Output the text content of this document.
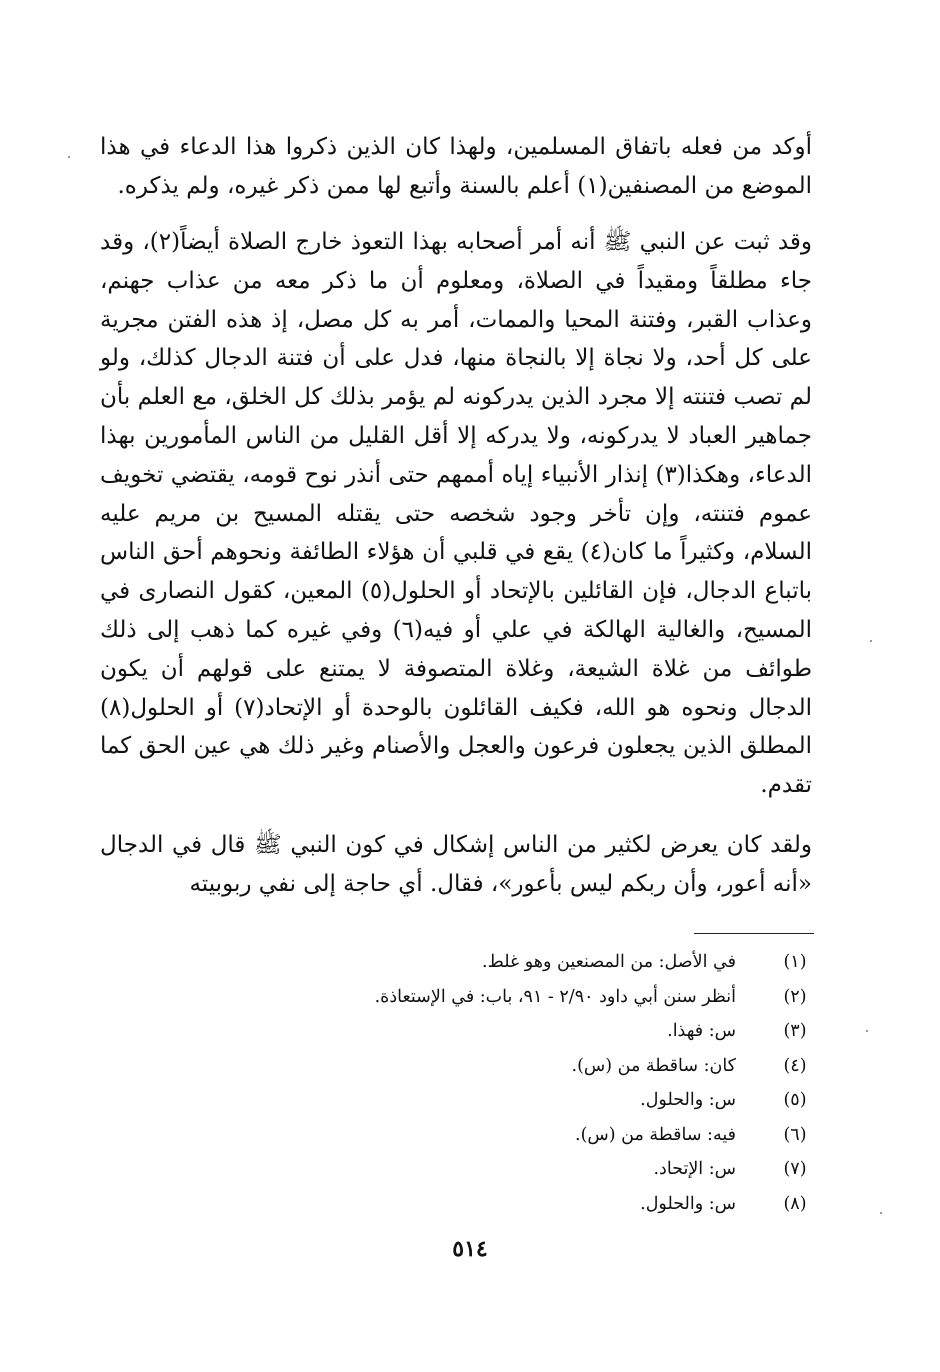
أوكد من فعله باتفاق المسلمين، ولهذا كان الذين ذكروا هذا الدعاء في هذا الموضع من المصنفين(١) أعلم بالسنة وأتبع لها ممن ذكر غيره، ولم يذكره.

وقد ثبت عن النبي ﷺ أنه أمر أصحابه بهذا التعوذ خارج الصلاة أيضاً(٢)، وقد جاء مطلقاً ومقيداً في الصلاة، ومعلوم أن ما ذكر معه من عذاب جهنم، وعذاب القبر، وفتنة المحيا والممات، أمر به كل مصل، إذ هذه الفتن مجرية على كل أحد، ولا نجاة إلا بالنجاة منها، فدل على أن فتنة الدجال كذلك، ولو لم تصب فتنته إلا مجرد الذين يدركونه لم يؤمر بذلك كل الخلق، مع العلم بأن جماهير العباد لا يدركونه، ولا يدركه إلا أقل القليل من الناس المأمورين بهذا الدعاء، وهكذا(٣) إنذار الأنبياء إياه أممهم حتى أنذر نوح قومه، يقتضي تخويف عموم فتنته، وإن تأخر وجود شخصه حتى يقتله المسيح بن مريم عليه السلام، وكثيراً ما كان(٤) يقع في قلبي أن هؤلاء الطائفة ونحوهم أحق الناس باتباع الدجال، فإن القائلين بالإتحاد أو الحلول(٥) المعين، كقول النصارى في المسيح، والغالية الهالكة في علي أو فيه(٦) وفي غيره كما ذهب إلى ذلك طوائف من غلاة الشيعة، وغلاة المتصوفة لا يمتنع على قولهم أن يكون الدجال ونحوه هو الله، فكيف القائلون بالوحدة أو الإتحاد(٧) أو الحلول(٨) المطلق الذين يجعلون فرعون والعجل والأصنام وغير ذلك هي عين الحق كما تقدم.

ولقد كان يعرض لكثير من الناس إشكال في كون النبي ﷺ قال في الدجال «أنه أعور، وأن ربكم ليس بأعور»، فقال. أي حاجة إلى نفي ربوبيته

(١)في الأصل: من المصنعين وهو غلط.
(٢)أنظر سنن أبي داود ٢/٩٠ - ٩١، باب: في الإستعاذة.
(٣)س: فهذا.
(٤)كان: ساقطة من (س).
(٥)س: والحلول.
(٦)فيه: ساقطة من (س).
(٧)س: الإتحاد.
(٨)س: والحلول.
٥١٤
